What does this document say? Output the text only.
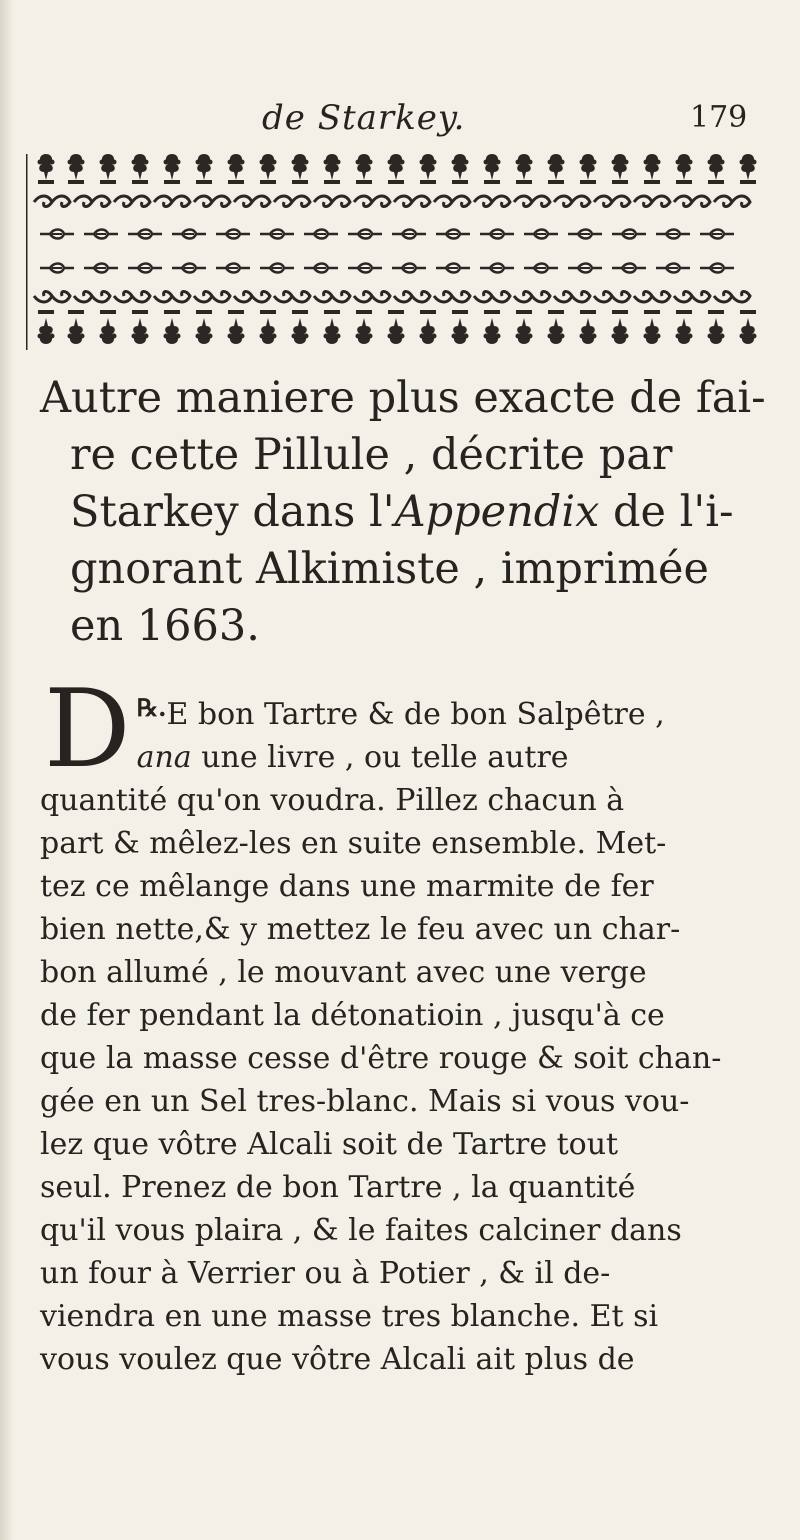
de Starkey.	179
Autre maniere plus exacte de fai-
re cette Pillule , décrite par
Starkey dans l'Appendix de l'i-
gnorant Alkimiste , imprimée
en 1663.
℞.
D E bon Tartre & de bon Salpêtre ,
ana une livre , ou telle autre
quantité qu'on voudra. Pillez chacun à
part & mêlez-les en suite ensemble. Met-
tez ce mêlange dans une marmite de fer
bien nette,& y mettez le feu avec un char-
bon allumé , le mouvant avec une verge
de fer pendant la détonatioin , jusqu'à ce
que la masse cesse d'être rouge & soit chan-
gée en un Sel tres-blanc. Mais si vous vou-
lez que vôtre Alcali soit de Tartre tout
seul. Prenez de bon Tartre , la quantité
qu'il vous plaira , & le faites calciner dans
un four à Verrier ou à Potier , & il de-
viendra en une masse tres blanche. Et si
vous voulez que vôtre Alcali ait plus de
